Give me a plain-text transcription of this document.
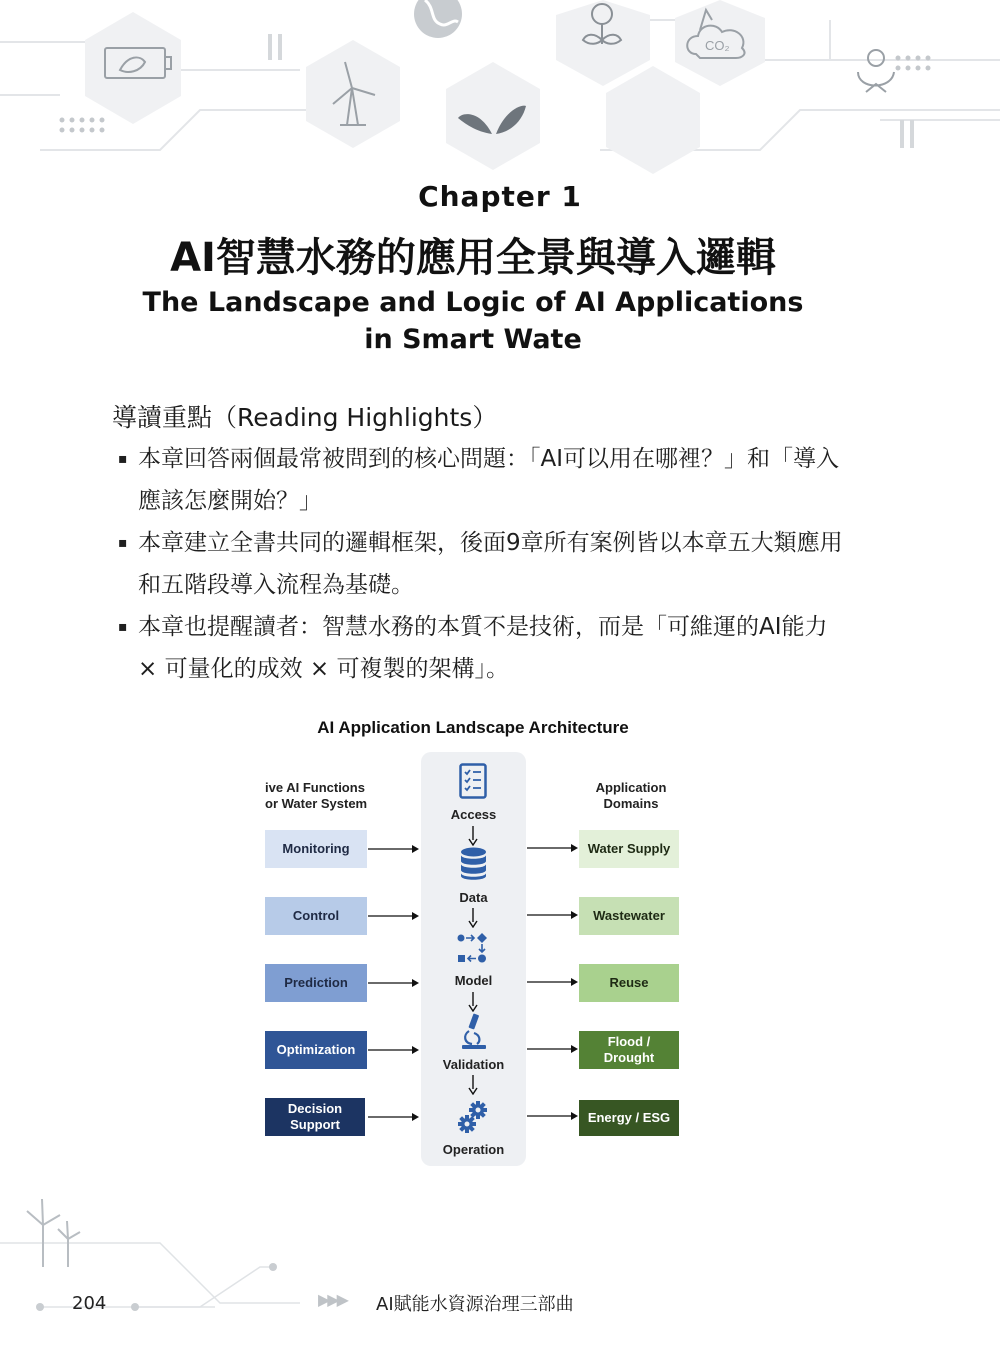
CO₂
Chapter 1
AI智慧水務的應用全景與導入邏輯
The Landscape and Logic of AI Applications
in Smart Wate
導讀重點（Reading Highlights）
▪ 本章回答兩個最常被問到的核心問題：「AI可以用在哪裡？」和「導入應該怎麼開始？」
▪ 本章建立全書共同的邏輯框架，後面9章所有案例皆以本章五大類應用和五階段導入流程為基礎。
▪ 本章也提醒讀者：智慧水務的本質不是技術，而是「可維運的AI能力 × 可量化的成效 × 可複製的架構」。
AI Application Landscape Architecture
ive AI Functions
or Water System
Application
Domains
Monitoring
Control
Prediction
Optimization
Decision
Support
Water Supply
Wastewater
Reuse
Flood /
Drought
Energy / ESG
Access
Data
Model
Validation
Operation
204	▶▶▶ AI賦能水資源治理三部曲
